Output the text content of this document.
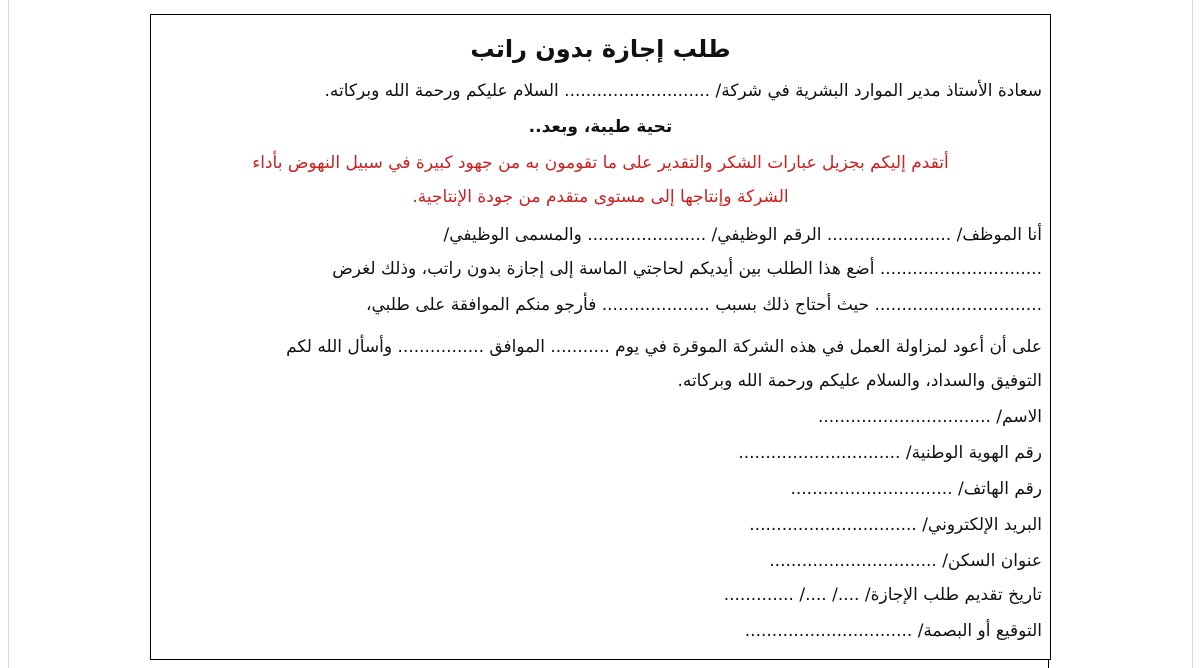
طلب إجازة بدون راتب
سعادة الأستاذ مدير الموارد البشرية في شركة/ ........................... السلام عليكم ورحمة الله وبركاته.
تحية طيبة، وبعد..
أتقدم إليكم بجزيل عبارات الشكر والتقدير على ما تقومون به من جهود كبيرة في سبيل النهوض بأداء
الشركة وإنتاجها إلى مستوى متقدم من جودة الإنتاجية.
أنا الموظف/ ....................... الرقم الوظيفي/ ...................... والمسمى الوظيفي/
.............................. أضع هذا الطلب بين أيديكم لحاجتي الماسة إلى إجازة بدون راتب، وذلك لغرض
............................... حيث أحتاج ذلك بسبب .................... فأرجو منكم الموافقة على طلبي،
على أن أعود لمزاولة العمل في هذه الشركة الموقرة في يوم ........... الموافق ................ وأسأل الله لكم
التوفيق والسداد، والسلام عليكم ورحمة الله وبركاته.
الاسم/ ................................
رقم الهوية الوطنية/ ..............................
رقم الهاتف/ ..............................
البريد الإلكتروني/ ...............................
عنوان السكن/ ...............................
تاريخ تقديم طلب الإجازة/ ..../ ..../ .............
التوقيع أو البصمة/ ...............................
